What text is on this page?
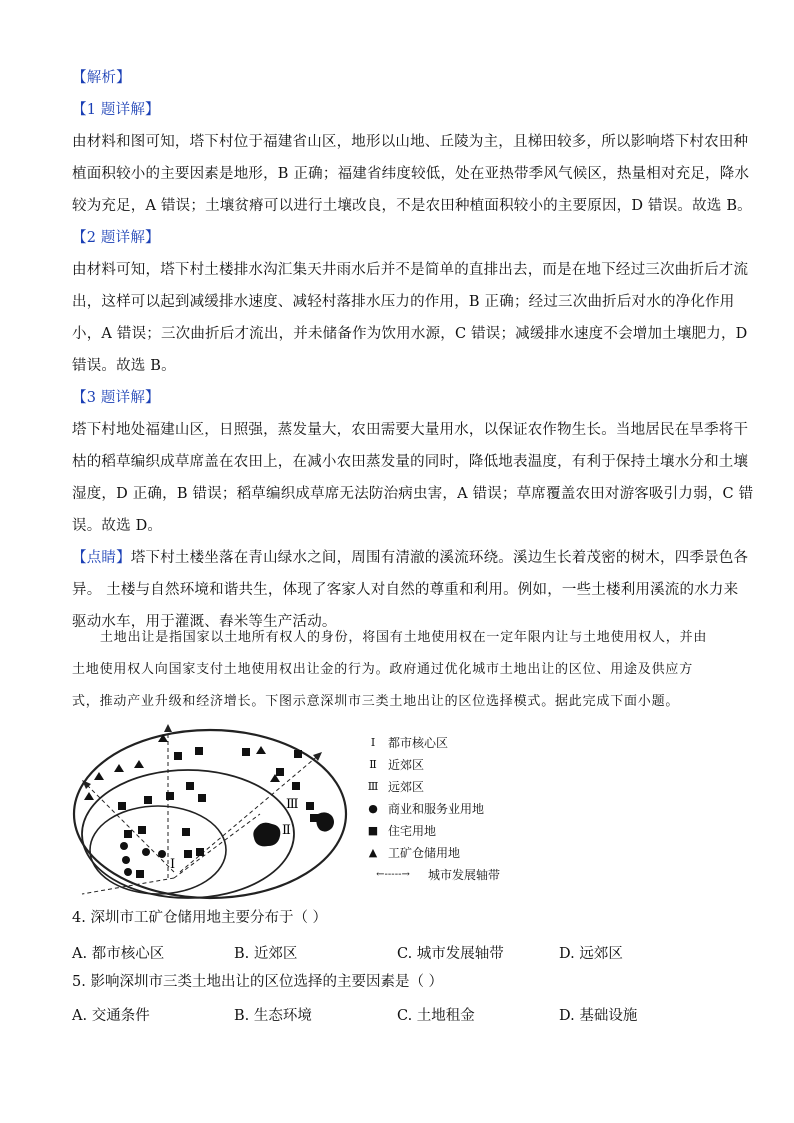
【解析】
【1 题详解】
由材料和图可知，塔下村位于福建省山区，地形以山地、丘陵为主，且梯田较多，所以影响塔下村农田种
植面积较小的主要因素是地形，B 正确；福建省纬度较低，处在亚热带季风气候区，热量相对充足，降水
较为充足，A 错误；土壤贫瘠可以进行土壤改良，不是农田种植面积较小的主要原因，D 错误。故选 B。
【2 题详解】
由材料可知，塔下村土楼排水沟汇集天井雨水后并不是简单的直排出去，而是在地下经过三次曲折后才流
出，这样可以起到减缓排水速度、减轻村落排水压力的作用，B 正确；经过三次曲折后对水的净化作用
小，A 错误；三次曲折后才流出，并未储备作为饮用水源，C 错误；减缓排水速度不会增加土壤肥力，D
错误。故选 B。
【3 题详解】
塔下村地处福建山区，日照强，蒸发量大，农田需要大量用水，以保证农作物生长。当地居民在旱季将干
枯的稻草编织成草席盖在农田上，在减小农田蒸发量的同时，降低地表温度，有利于保持土壤水分和土壤
湿度，D 正确，B 错误；稻草编织成草席无法防治病虫害，A 错误；草席覆盖农田对游客吸引力弱，C 错
误。故选 D。
【点睛】塔下村土楼坐落在青山绿水之间，周围有清澈的溪流环绕。溪边生长着茂密的树木，四季景色各
异。 土楼与自然环境和谐共生，体现了客家人对自然的尊重和利用。例如，一些土楼利用溪流的水力来
驱动水车，用于灌溉、舂米等生产活动。
土地出让是指国家以土地所有权人的身份，将国有土地使用权在一定年限内让与土地使用权人，并由
土地使用权人向国家支付土地使用权出让金的行为。政府通过优化城市土地出让的区位、用途及供应方
式，推动产业升级和经济增长。下图示意深圳市三类土地出让的区位选择模式。据此完成下面小题。
Ⅲ
Ⅱ
Ⅰ
Ⅰ	都市核心区
Ⅱ 近郊区
Ⅲ 远郊区
● 商业和服务业用地
■ 住宅用地
▲ 工矿仓储用地
←-----→	城市发展轴带
4. 深圳市工矿仓储用地主要分布于（ ）
A. 都市核心区	B. 近郊区	C. 城市发展轴带	D. 远郊区
5. 影响深圳市三类土地出让的区位选择的主要因素是（ ）
A. 交通条件	B. 生态环境	C. 土地租金	D. 基础设施
